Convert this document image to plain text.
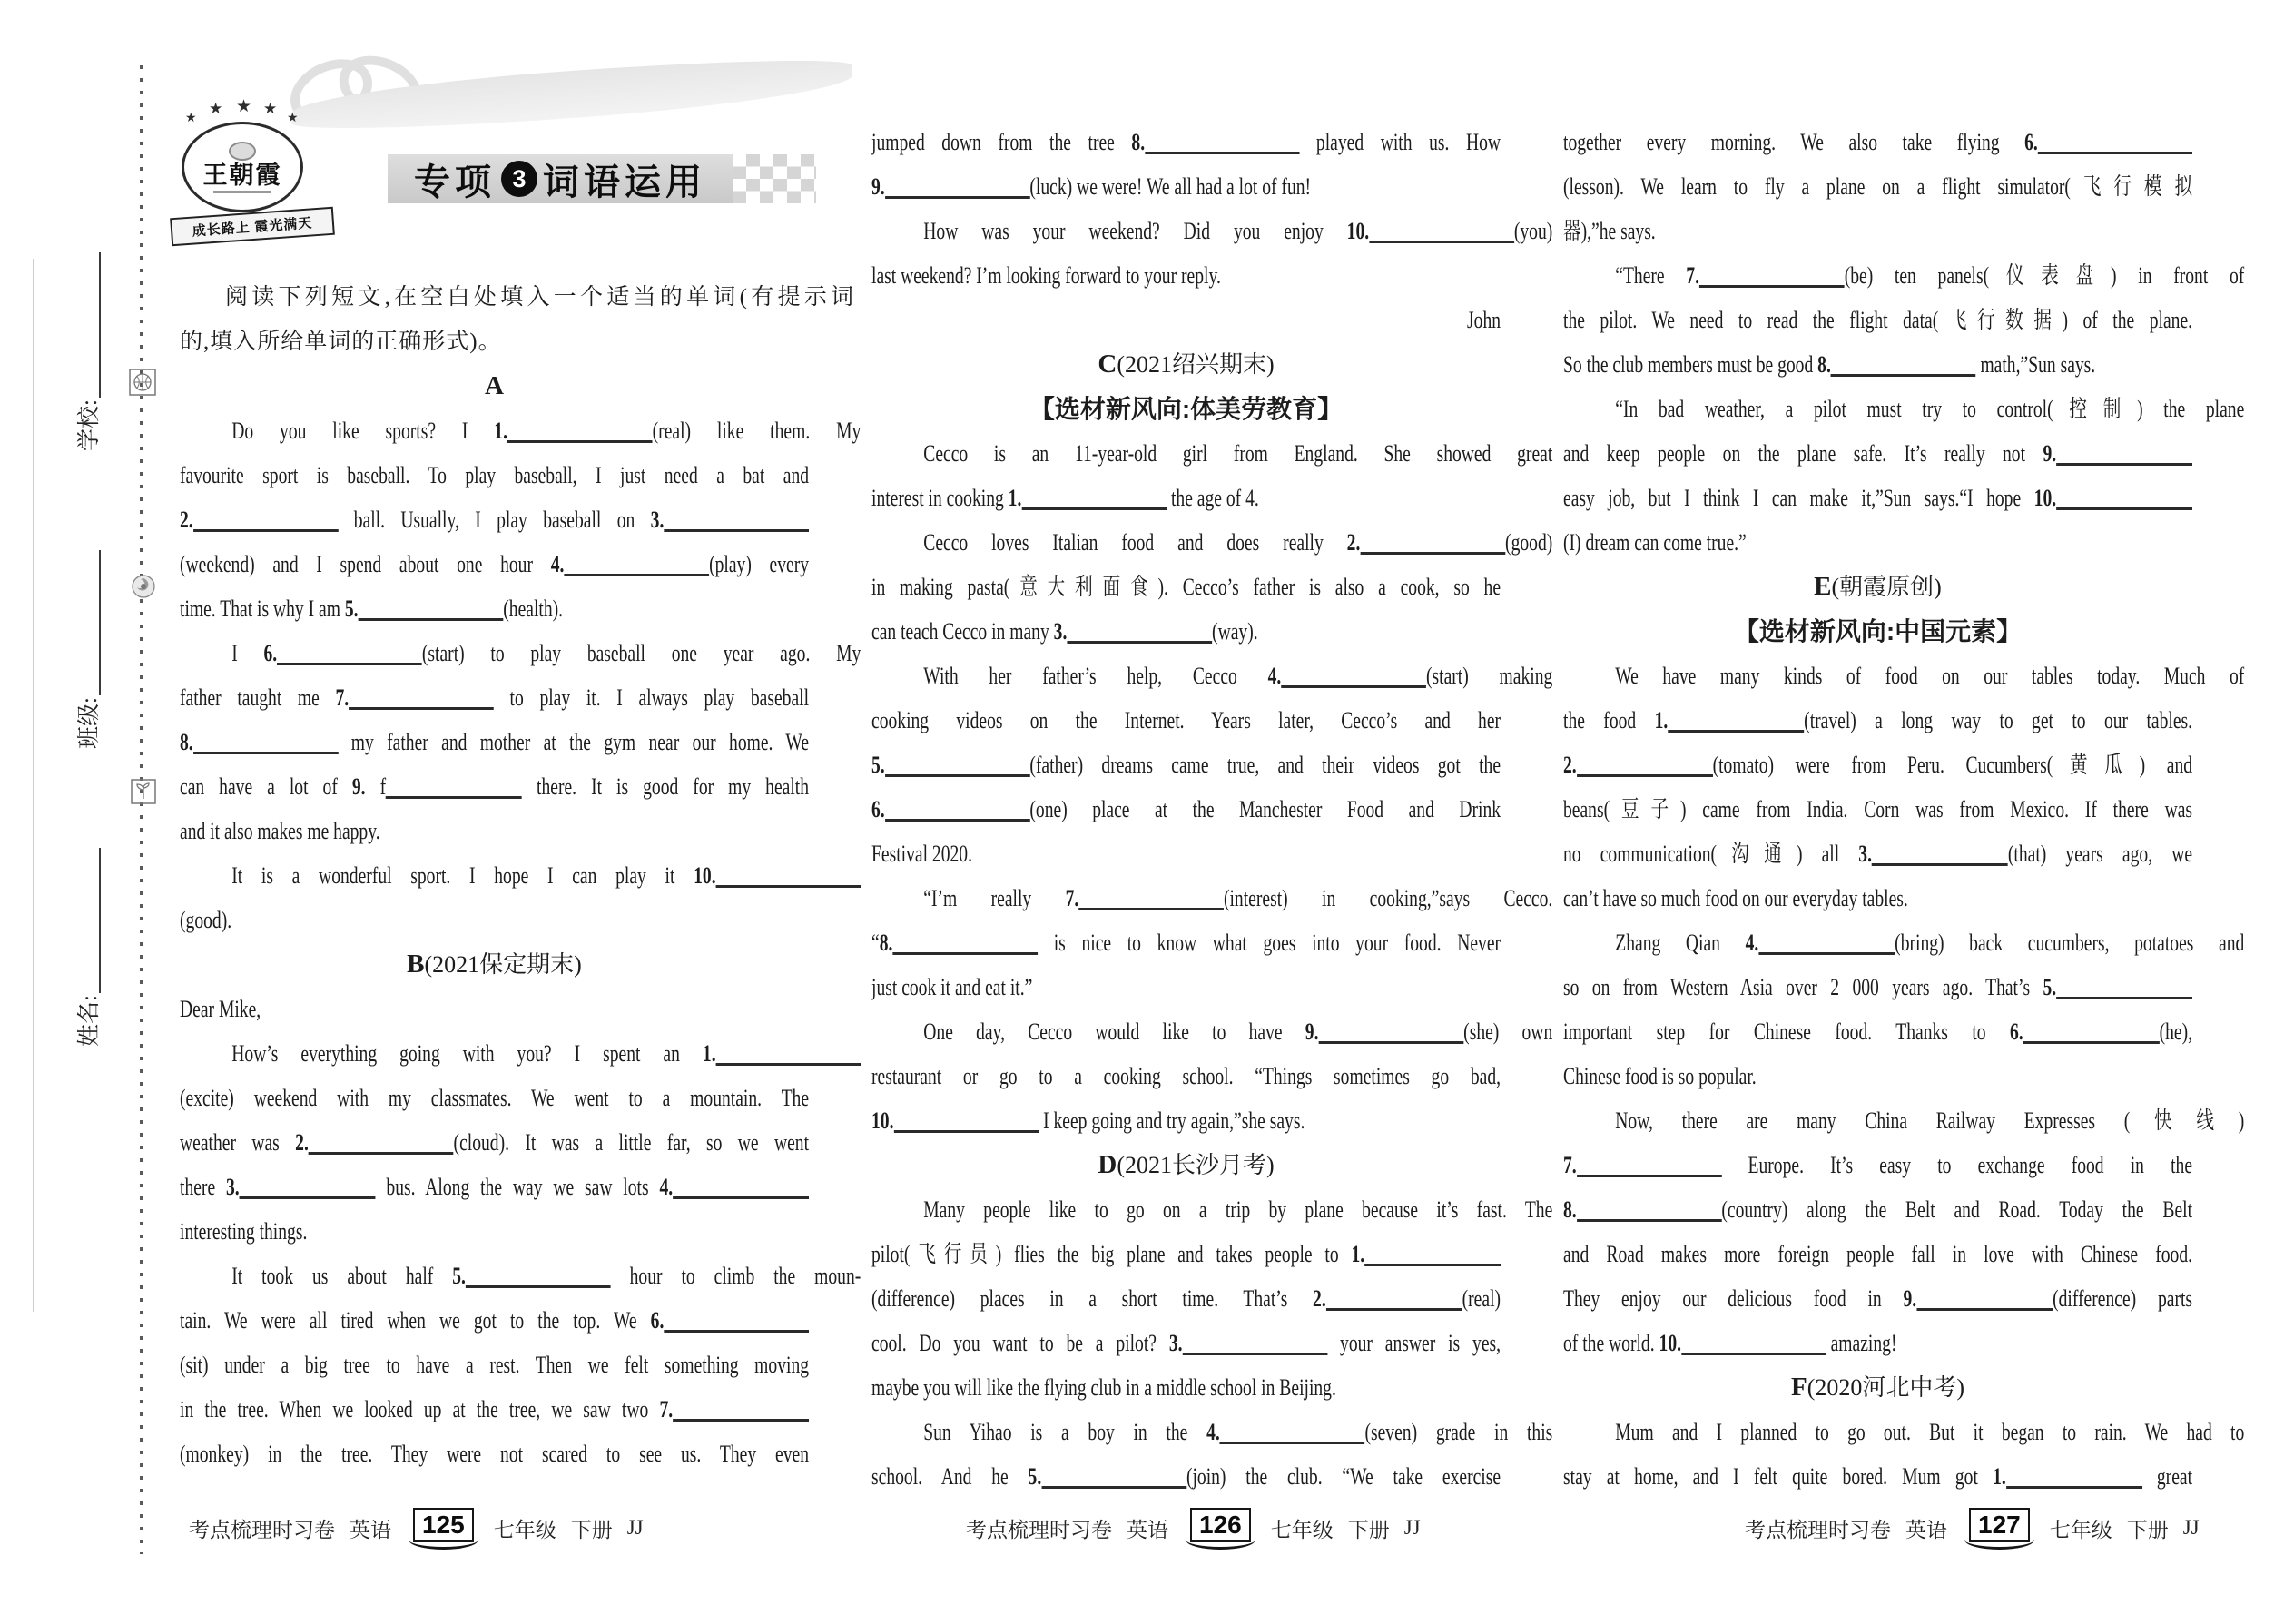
学校:
班级:
姓名:
★
★
★
★
★
王朝霞
成长路上 霞光满天
专项 3 词语运用
阅读下列短文,在空白处填入一个适当的单词(有提示词
的,填入所给单词的正确形式)。
A
Do you like sports? I 1.	(real) like them. My
favourite sport is baseball. To play baseball, I just need a bat and
2.	ball. Usually, I play baseball on 3.
(weekend) and I spend about one hour 4.	(play) every
time. That is why I am 5.	(health).
I 6.	(start) to play baseball one year ago. My
father taught me 7.	to play it. I always play baseball
8.	my father and mother at the gym near our home. We
can have a lot of 9. f	there. It is good for my health
and it also makes me happy.
It is a wonderful sport. I hope I can play it 10.
(good).
B(2021保定期末)
Dear Mike,
How’s everything going with you? I spent an 1.
(excite) weekend with my classmates. We went to a mountain. The
weather was 2.	(cloud). It was a little far, so we went
there 3.	bus. Along the way we saw lots 4.
interesting things.
It took us about half 5.	hour to climb the moun-
tain. We were all tired when we got to the top. We 6.
(sit) under a big tree to have a rest. Then we felt something moving
in the tree. When we looked up at the tree, we saw two 7.
(monkey) in the tree. They were not scared to see us. They even
jumped down from the tree 8.	played with us. How
9.	(luck) we were! We all had a lot of fun!
How was your weekend? Did you enjoy 10.	(you)
last weekend? I’m looking forward to your reply.
John
C(2021绍兴期末)
【选材新风向:体美劳教育】
Cecco is an 11-year-old girl from England. She showed great
interest in cooking 1.	the age of 4.
Cecco loves Italian food and does really 2.	(good)
in making pasta(意大利面食). Cecco’s father is also a cook, so he
can teach Cecco in many 3.	(way).
With her father’s help, Cecco 4.	(start) making
cooking videos on the Internet. Years later, Cecco’s and her
5.	(father) dreams came true, and their videos got the
6.	(one) place at the Manchester Food and Drink
Festival 2020.
“I’m really 7.	(interest) in cooking,”says Cecco.
“8.	is nice to know what goes into your food. Never
just cook it and eat it.”
One day, Cecco would like to have 9.	(she) own
restaurant or go to a cooking school. “Things sometimes go bad,
10.	I keep going and try again,”she says.
D(2021长沙月考)
Many people like to go on a trip by plane because it’s fast. The
pilot(飞行员) flies the big plane and takes people to 1.
(difference) places in a short time. That’s 2.	(real)
cool. Do you want to be a pilot? 3.	your answer is yes,
maybe you will like the flying club in a middle school in Beijing.
Sun Yihao is a boy in the 4.	(seven) grade in this
school. And he 5.	(join) the club. “We take exercise
together every morning. We also take flying 6.
(lesson). We learn to fly a plane on a flight simulator(飞行模拟
器),”he says.
“There 7.	(be) ten panels(仪表盘) in front of
the pilot. We need to read the flight data(飞行数据) of the plane.
So the club members must be good 8.	math,”Sun says.
“In bad weather, a pilot must try to control(控制) the plane
and keep people on the plane safe. It’s really not 9.
easy job, but I think I can make it,”Sun says.“I hope 10.
(I) dream can come true.”
E(朝霞原创)
【选材新风向:中国元素】
We have many kinds of food on our tables today. Much of
the food 1.	(travel) a long way to get to our tables.
2.	(tomato) were from Peru. Cucumbers(黄瓜) and
beans(豆子) came from India. Corn was from Mexico. If there was
no communication(沟通) all 3.	(that) years ago, we
can’t have so much food on our everyday tables.
Zhang Qian 4.	(bring) back cucumbers, potatoes and
so on from Western Asia over 2 000 years ago. That’s 5.
important step for Chinese food. Thanks to 6.	(he),
Chinese food is so popular.
Now, there are many China Railway Expresses (快线)
7.	Europe. It’s easy to exchange food in the
8.	(country) along the Belt and Road. Today the Belt
and Road makes more foreign people fall in love with Chinese food.
They enjoy our delicious food in 9.	(difference) parts
of the world. 10.	amazing!
F(2020河北中考)
Mum and I planned to go out. But it began to rain. We had to
stay at home, and I felt quite bored. Mum got 1.	great
考点梳理时习卷 英语	125	七年级 下册 JJ	考点梳理时习卷 英语	126	七年级 下册 JJ	考点梳理时习卷 英语	127	七年级 下册 JJ
